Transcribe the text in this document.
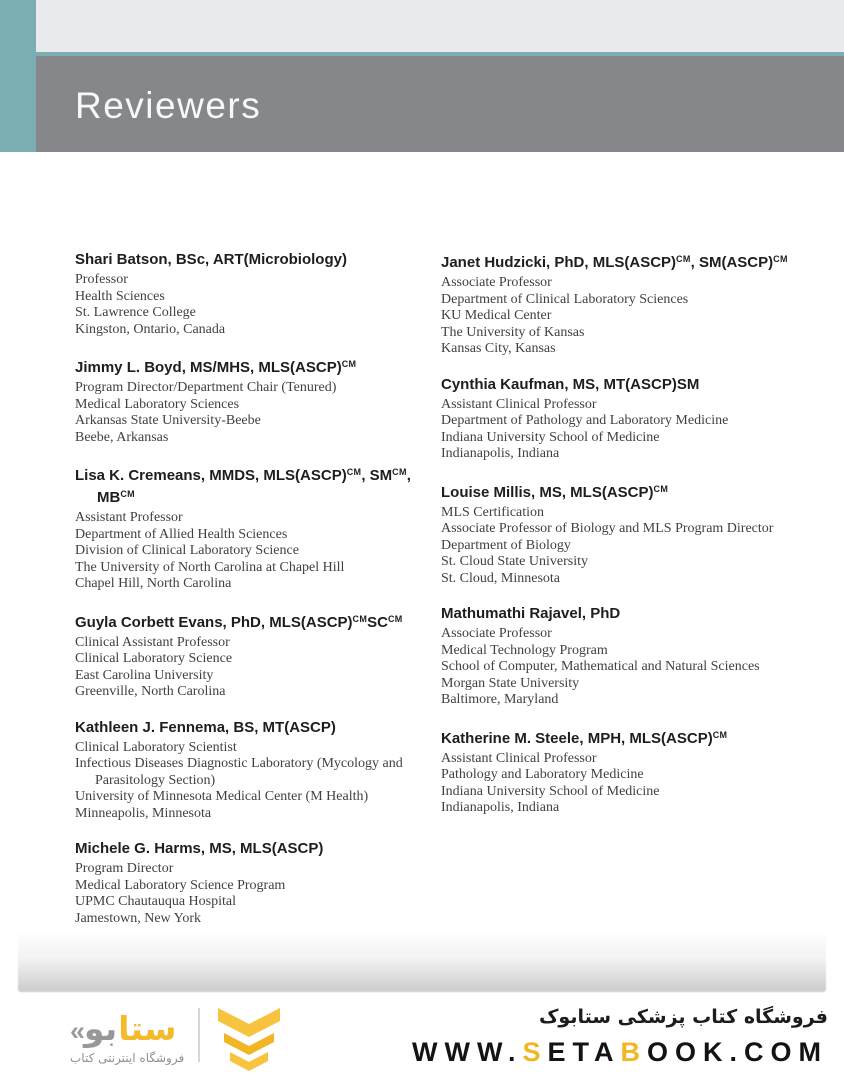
Reviewers
Shari Batson, BSc, ART(Microbiology)

Professor

Health Sciences

St. Lawrence College

Kingston, Ontario, Canada

Jimmy L. Boyd, MS/MHS, MLS(ASCP)$^{CM}$

Program Director/Department Chair (Tenured)

Medical Laboratory Sciences

Arkansas State University-Beebe

Beebe, Arkansas

Lisa K. Cremeans, MMDS, MLS(ASCP)$^{CM}$, $SM^{CM}$, $MB^{CM}$

Assistant Professor

Department of Allied Health Sciences

Division of Clinical Laboratory Science

The University of North Carolina at Chapel Hill

Chapel Hill, North Carolina

Guyla Corbett Evans, PhD, $MLS(ASCP)^{CM}SC^{CM}$

Clinical Assistant Professor

Clinical Laboratory Science

East Carolina University

Greenville, North Carolina

Kathleen J. Fennema, BS, MT(ASCP)

Clinical Laboratory Scientist

Infectious Diseases Diagnostic Laboratory (Mycology and Parasitology Section)

University of Minnesota Medical Center (M Health)

Minneapolis, Minnesota

Michele G. Harms, MS, MLS(ASCP)

Program Director

Medical Laboratory Science Program

UPMC Chautauqua Hospital

Jamestown, New York

Janet Hudzicki, PhD, MLS(ASCP)$^{CM}$, SM(ASCP)$^{CM}$

Associate Professor

Department of Clinical Laboratory Sciences

KU Medical Center

The University of Kansas

Kansas City, Kansas

Cynthia Kaufman, MS, MT(ASCP)SM

Assistant Clinical Professor

Department of Pathology and Laboratory Medicine

Indiana University School of Medicine

Indianapolis, Indiana

Louise Millis, MS, MLS(ASCP)$^{CM}$

MLS Certification

Associate Professor of Biology and MLS Program Director

Department of Biology

St. Cloud State University

St. Cloud, Minnesota

Mathumathi Rajavel, PhD

Associate Professor

Medical Technology Program

School of Computer, Mathematical and Natural Sciences

Morgan State University

Baltimore, Maryland

Katherine M. Steele, MPH, MLS(ASCP)$^{CM}$

Assistant Clinical Professor

Pathology and Laboratory Medicine

Indiana University School of Medicine

Indianapolis, Indiana

« بو ستا
فروشگاه اینترنتی کتاب
فروشگاه کتاب پزشکی ستابوک
WWW.SETABOOK.COM
